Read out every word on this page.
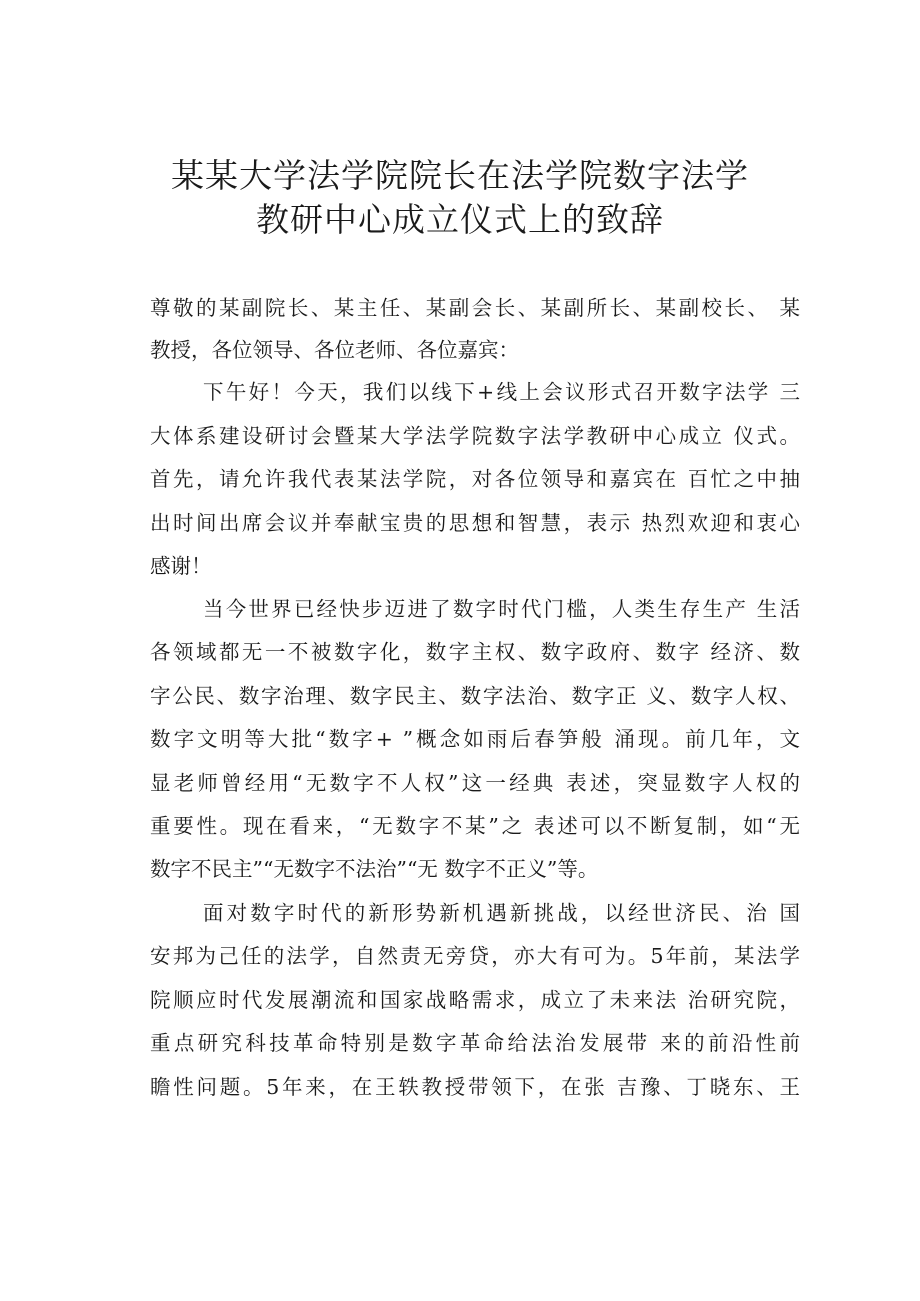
某某大学法学院院长在法学院数字法学
教研中心成立仪式上的致辞
尊敬的某副院长、某主任、某副会长、某副所长、某副校长、 某
教授，各位领导、各位老师、各位嘉宾：
下午好！今天，我们以线下+线上会议形式召开数字法学 三
大体系建设研讨会暨某大学法学院数字法学教研中心成立 仪式。
首先，请允许我代表某法学院，对各位领导和嘉宾在 百忙之中抽
出时间出席会议并奉献宝贵的思想和智慧，表示 热烈欢迎和衷心
感谢！
当今世界已经快步迈进了数字时代门槛，人类生存生产 生活
各领域都无一不被数字化，数字主权、数字政府、数字 经济、数
字公民、数字治理、数字民主、数字法治、数字正 义、数字人权、
数字文明等大批“数字+ ”概念如雨后春笋般 涌现。前几年，文
显老师曾经用“无数字不人权”这一经典 表述，突显数字人权的
重要性。现在看来，“无数字不某”之 表述可以不断复制，如“无
数字不民主”“无数字不法治”“无 数字不正义”等。
面对数字时代的新形势新机遇新挑战，以经世济民、治 国
安邦为己任的法学，自然责无旁贷，亦大有可为。5年前，某法学
院顺应时代发展潮流和国家战略需求，成立了未来法 治研究院，
重点研究科技革命特别是数字革命给法治发展带 来的前沿性前
瞻性问题。5年来，在王轶教授带领下，在张 吉豫、丁晓东、王
